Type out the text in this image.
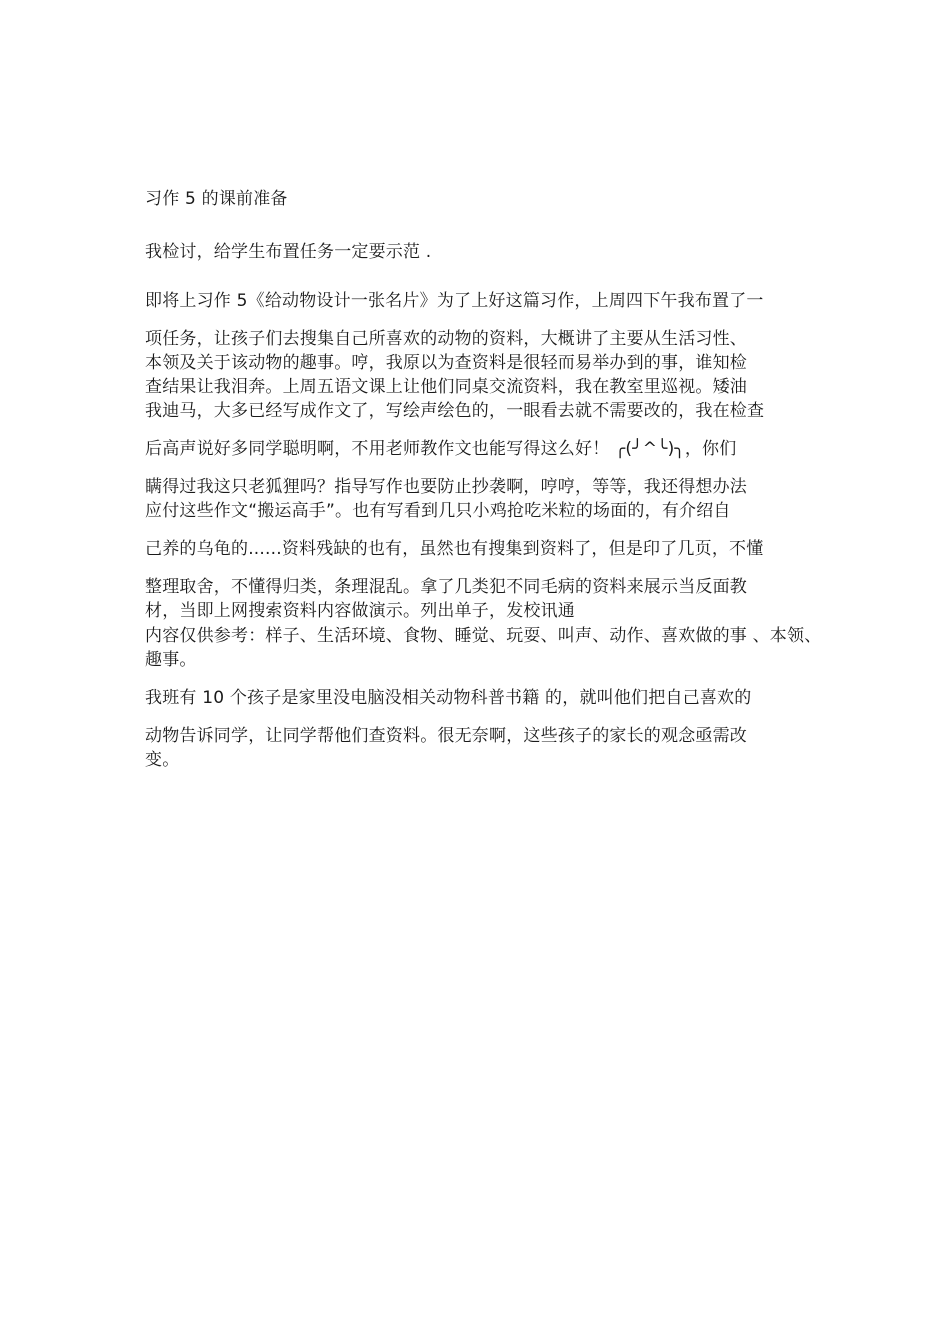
习作 5 的课前准备
我检讨，给学生布置任务一定要示范 .
即将上习作 5《给动物设计一张名片》为了上好这篇习作，上周四下午我布置了一
项任务，让孩子们去搜集自己所喜欢的动物的资料，大概讲了主要从生活习性、
本领及关于该动物的趣事。哼，我原以为查资料是很轻而易举办到的事，谁知检
查结果让我泪奔。上周五语文课上让他们同桌交流资料，我在教室里巡视。矮油
我迪马，大多已经写成作文了，写绘声绘色的，一眼看去就不需要改的，我在检查
后高声说好多同学聪明啊，不用老师教作文也能写得这么好！ ╭(╯^╰)╮，你们
瞒得过我这只老狐狸吗？指导写作也要防止抄袭啊，哼哼，等等，我还得想办法
应付这些作文“搬运高手”。也有写看到几只小鸡抢吃米粒的场面的，有介绍自
己养的乌龟的......资料残缺的也有，虽然也有搜集到资料了，但是印了几页，不懂
整理取舍，不懂得归类，条理混乱。拿了几类犯不同毛病的资料来展示当反面教
材，当即上网搜索资料内容做演示。列出单子，发校讯通
内容仅供参考：样子、生活环境、食物、睡觉、玩耍、叫声、动作、喜欢做的事 、本领、
趣事。
我班有 10 个孩子是家里没电脑没相关动物科普书籍 的，就叫他们把自己喜欢的
动物告诉同学，让同学帮他们查资料。很无奈啊，这些孩子的家长的观念亟需改
变。
